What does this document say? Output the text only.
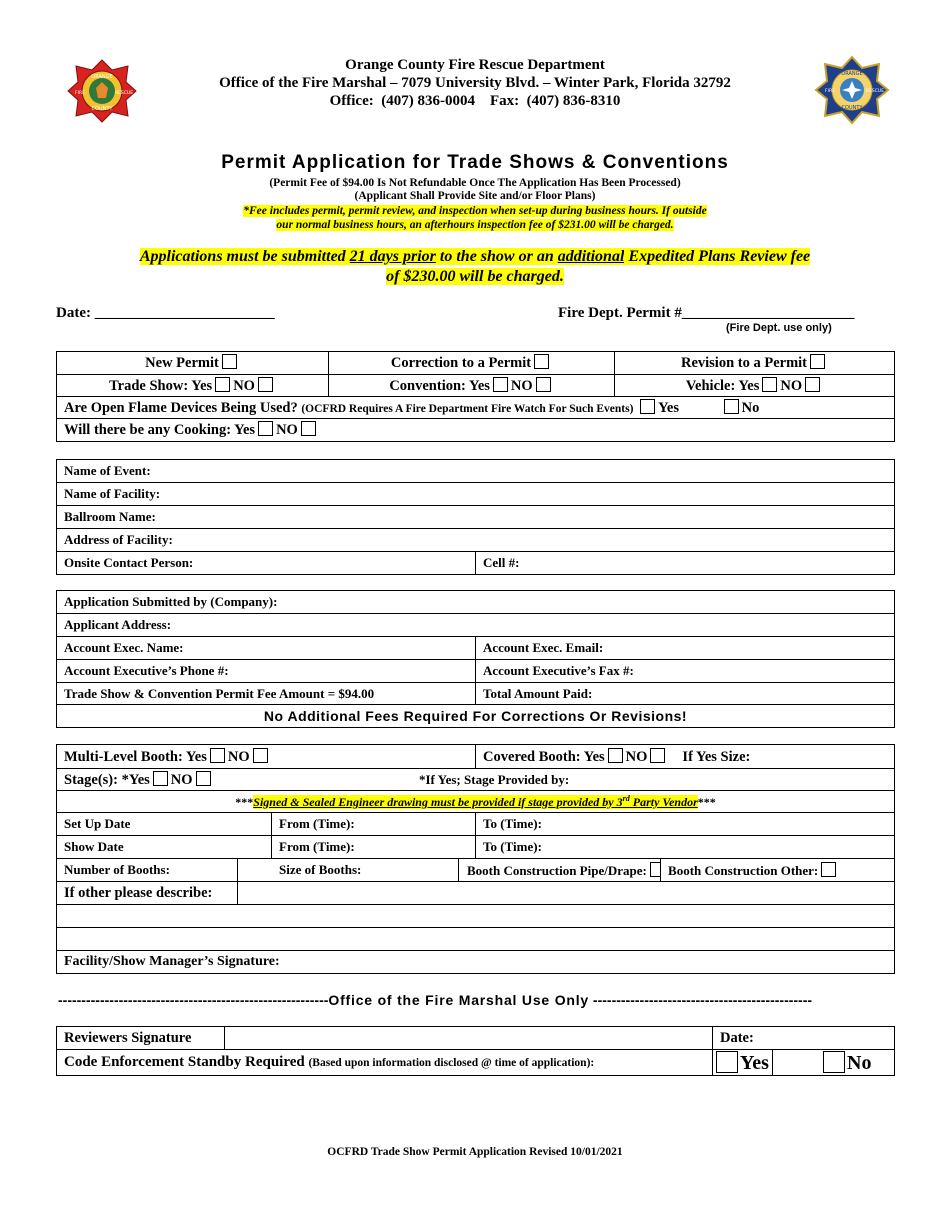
ORANGE
COUNTY
FIRE	RESCUE
ORANGE
COUNTY
FIRE	RESCUE
Orange County Fire Rescue Department
Office of the Fire Marshal – 7079 University Blvd. – Winter Park, Florida 32792
Office:  (407) 836-0004    Fax:  (407) 836-8310
Permit Application for Trade Shows & Conventions
(Permit Fee of $94.00 Is Not Refundable Once The Application Has Been Processed)
(Applicant Shall Provide Site and/or Floor Plans)
*Fee includes permit, permit review, and inspection when set-up during business hours. If outside
our normal business hours, an afterhours inspection fee of $231.00 will be charged.
Applications must be submitted 21 days prior to the show or an additional Expedited Plans Review fee
of $230.00 will be charged.
Date: ________________________	Fire Dept. Permit #_______________________
(Fire Dept. use only)
New Permit	Correction to a Permit	Revision to a Permit
Trade Show: Yes NO	Convention: Yes NO	Vehicle: Yes NO
Are Open Flame Devices Being Used? (OCFRD Requires A Fire Department Fire Watch For Such Events) Yes No		
Will there be any Cooking: Yes NO		
Name of Event:
Name of Facility:
Ballroom Name:
Address of Facility:
Onsite Contact Person:	Cell #:
Application Submitted by (Company):	
Applicant Address:	
Account Exec. Name:	Account Exec. Email:
Account Executive’s Phone #:	Account Executive’s Fax #:
Trade Show & Convention Permit Fee Amount = $94.00	Total Amount Paid:
No Additional Fees Required For Corrections Or Revisions!	
Multi-Level Booth: Yes NO				Covered Booth: Yes NO If Yes Size:	
Stage(s): *Yes NO *If Yes; Stage Provided by:					

***Signed & Sealed Engineer drawing must be provided if stage provided by 3rd Party Vendor***					
Set Up Date		From (Time):		To (Time):	
Show Date		From (Time):		To (Time):	
Number of Booths:	Size of Booths:		Booth Construction Pipe/Drape:		Booth Construction Other:
If other please describe:					

Facility/Show Manager’s Signature:					
----------------------------------------------------------Office of the Fire Marshal Use Only -----------------------------------------------
Reviewers Signature		Date:	
Code Enforcement Standby Required (Based upon information disclosed @ time of application):		Yes	No
OCFRD Trade Show Permit Application Revised 10/01/2021
